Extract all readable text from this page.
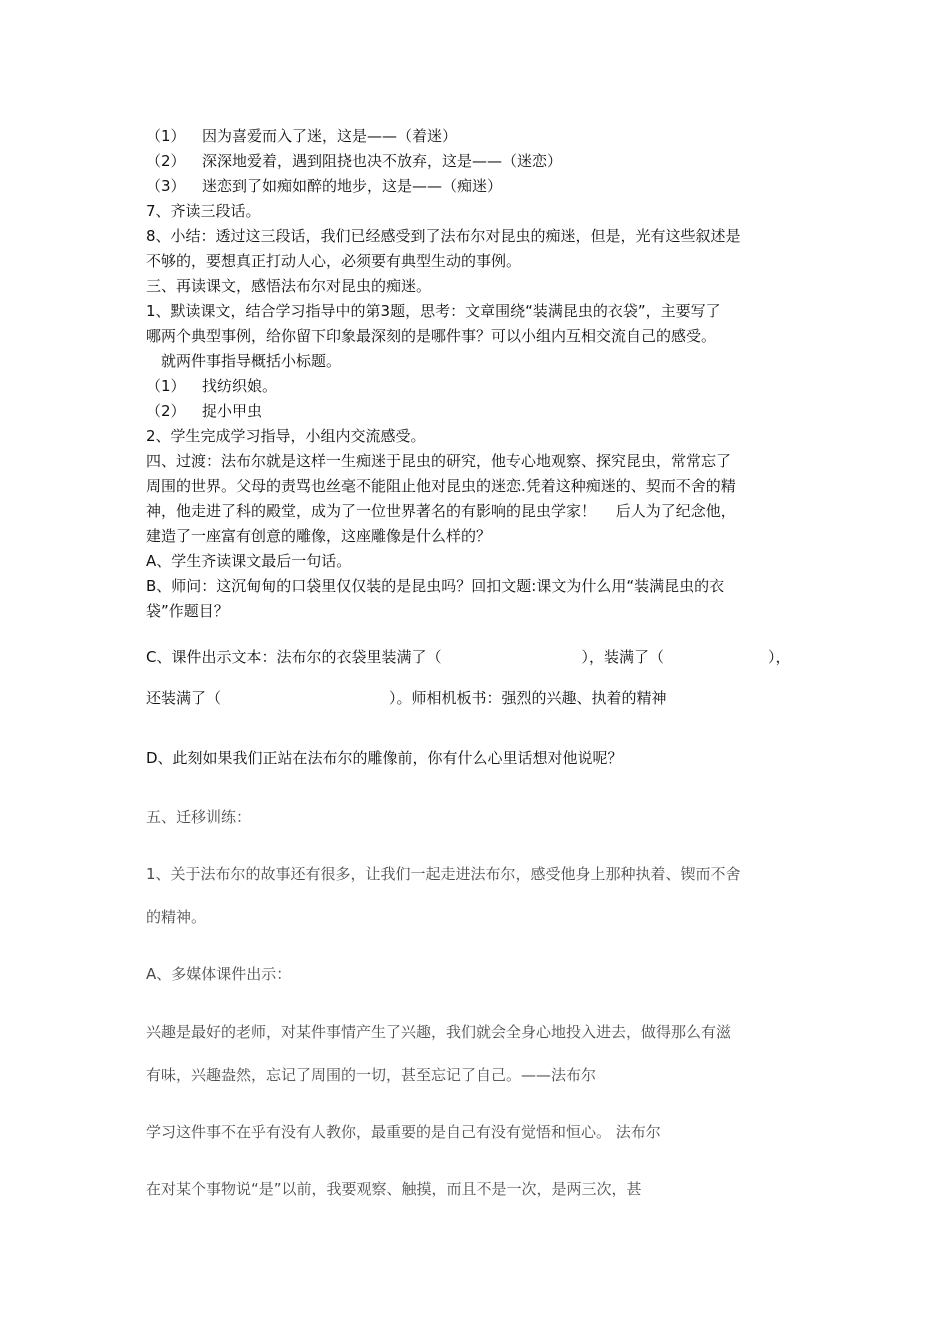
（1） 因为喜爱而入了迷，这是——（着迷）
（2） 深深地爱着，遇到阻挠也决不放弃，这是——（迷恋）
（3） 迷恋到了如痴如醉的地步，这是——（痴迷）
7、齐读三段话。
8、小结：透过这三段话，我们已经感受到了法布尔对昆虫的痴迷，但是，光有这些叙述是
不够的，要想真正打动人心，必须要有典型生动的事例。
三、再读课文，感悟法布尔对昆虫的痴迷。
1、默读课文，结合学习指导中的第3题，思考：文章围绕“装满昆虫的衣袋”，主要写了
哪两个典型事例，给你留下印象最深刻的是哪件事？可以小组内互相交流自己的感受。
就两件事指导概括小标题。
（1） 找纺织娘。
（2） 捉小甲虫
2、学生完成学习指导，小组内交流感受。
四、过渡：法布尔就是这样一生痴迷于昆虫的研究，他专心地观察、探究昆虫，常常忘了
周围的世界。父母的责骂也丝毫不能阻止他对昆虫的迷恋.凭着这种痴迷的、契而不舍的精
神，他走进了科的殿堂，成为了一位世界著名的有影响的昆虫学家！　 后人为了纪念他，
建造了一座富有创意的雕像，这座雕像是什么样的？
A、学生齐读课文最后一句话。
B、师问：这沉甸甸的口袋里仅仅装的是昆虫吗？回扣文题:课文为什么用“装满昆虫的衣
袋”作题目？
C、课件出示文本：法布尔的衣袋里装满了（	），装满了（	），
还装满了（	）。师相机板书：强烈的兴趣、执着的精神
D、此刻如果我们正站在法布尔的雕像前，你有什么心里话想对他说呢？
五、迁移训练：
1、关于法布尔的故事还有很多，让我们一起走进法布尔，感受他身上那种执着、锲而不舍
的精神。
A、多媒体课件出示：
兴趣是最好的老师，对某件事情产生了兴趣，我们就会全身心地投入进去，做得那么有滋
有味，兴趣盎然，忘记了周围的一切，甚至忘记了自己。——法布尔
学习这件事不在乎有没有人教你，最重要的是自己有没有觉悟和恒心。 法布尔
在对某个事物说“是”以前，我要观察、触摸，而且不是一次，是两三次，甚
